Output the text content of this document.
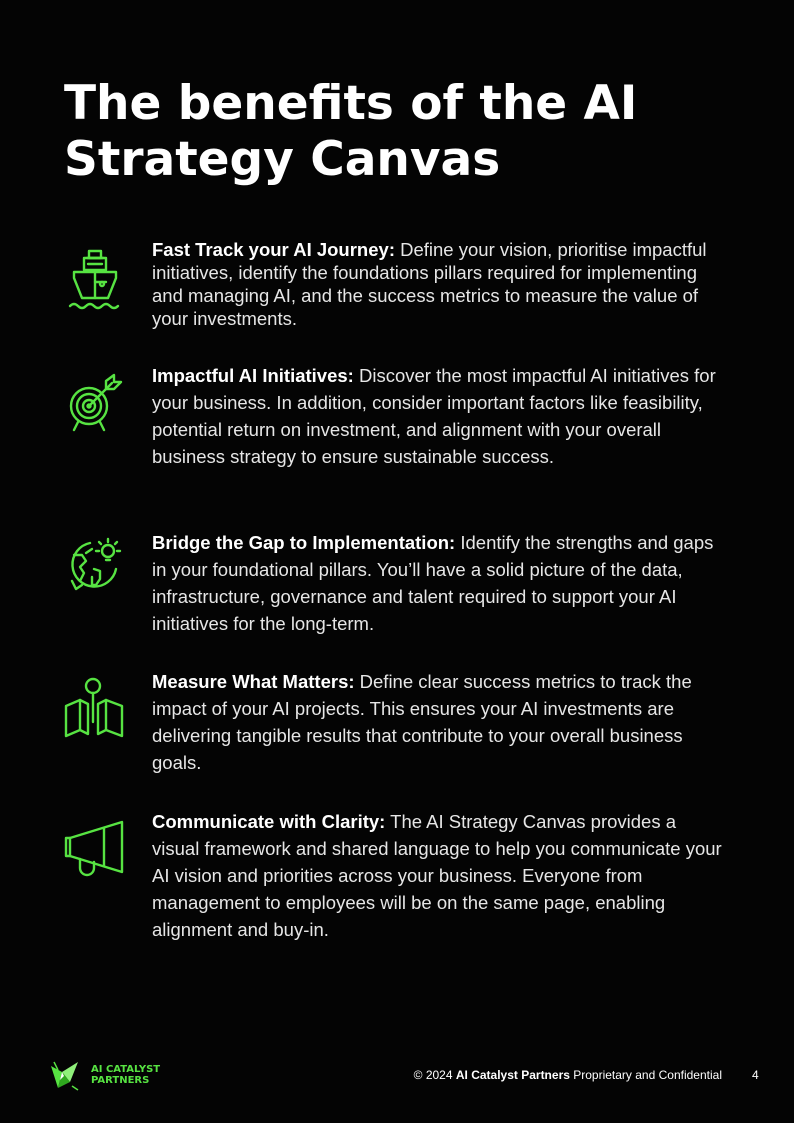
The benefits of the AI Strategy Canvas

Fast Track your AI Journey: Define your vision, prioritise impactful initiatives, identify the foundations pillars required for implementing and managing AI, and the success metrics to measure the value of your investments.

Impactful AI Initiatives: Discover the most impactful AI initiatives for your business. In addition, consider important factors like feasibility, potential return on investment, and alignment with your overall business strategy to ensure sustainable success.

Bridge the Gap to Implementation: Identify the strengths and gaps in your foundational pillars. You’ll have a solid picture of the data, infrastructure, governance and talent required to support your AI initiatives for the long-term.

Measure What Matters: Define clear success metrics to track the impact of your AI projects. This ensures your AI investments are delivering tangible results that contribute to your overall business goals.

Communicate with Clarity: The AI Strategy Canvas provides a visual framework and shared language to help you communicate your AI vision and priorities across your business. Everyone from management to employees will be on the same page, enabling alignment and buy-in.

AI CATALYST
PARTNERS	© 2024 AI Catalyst Partners Proprietary and Confidential	4
